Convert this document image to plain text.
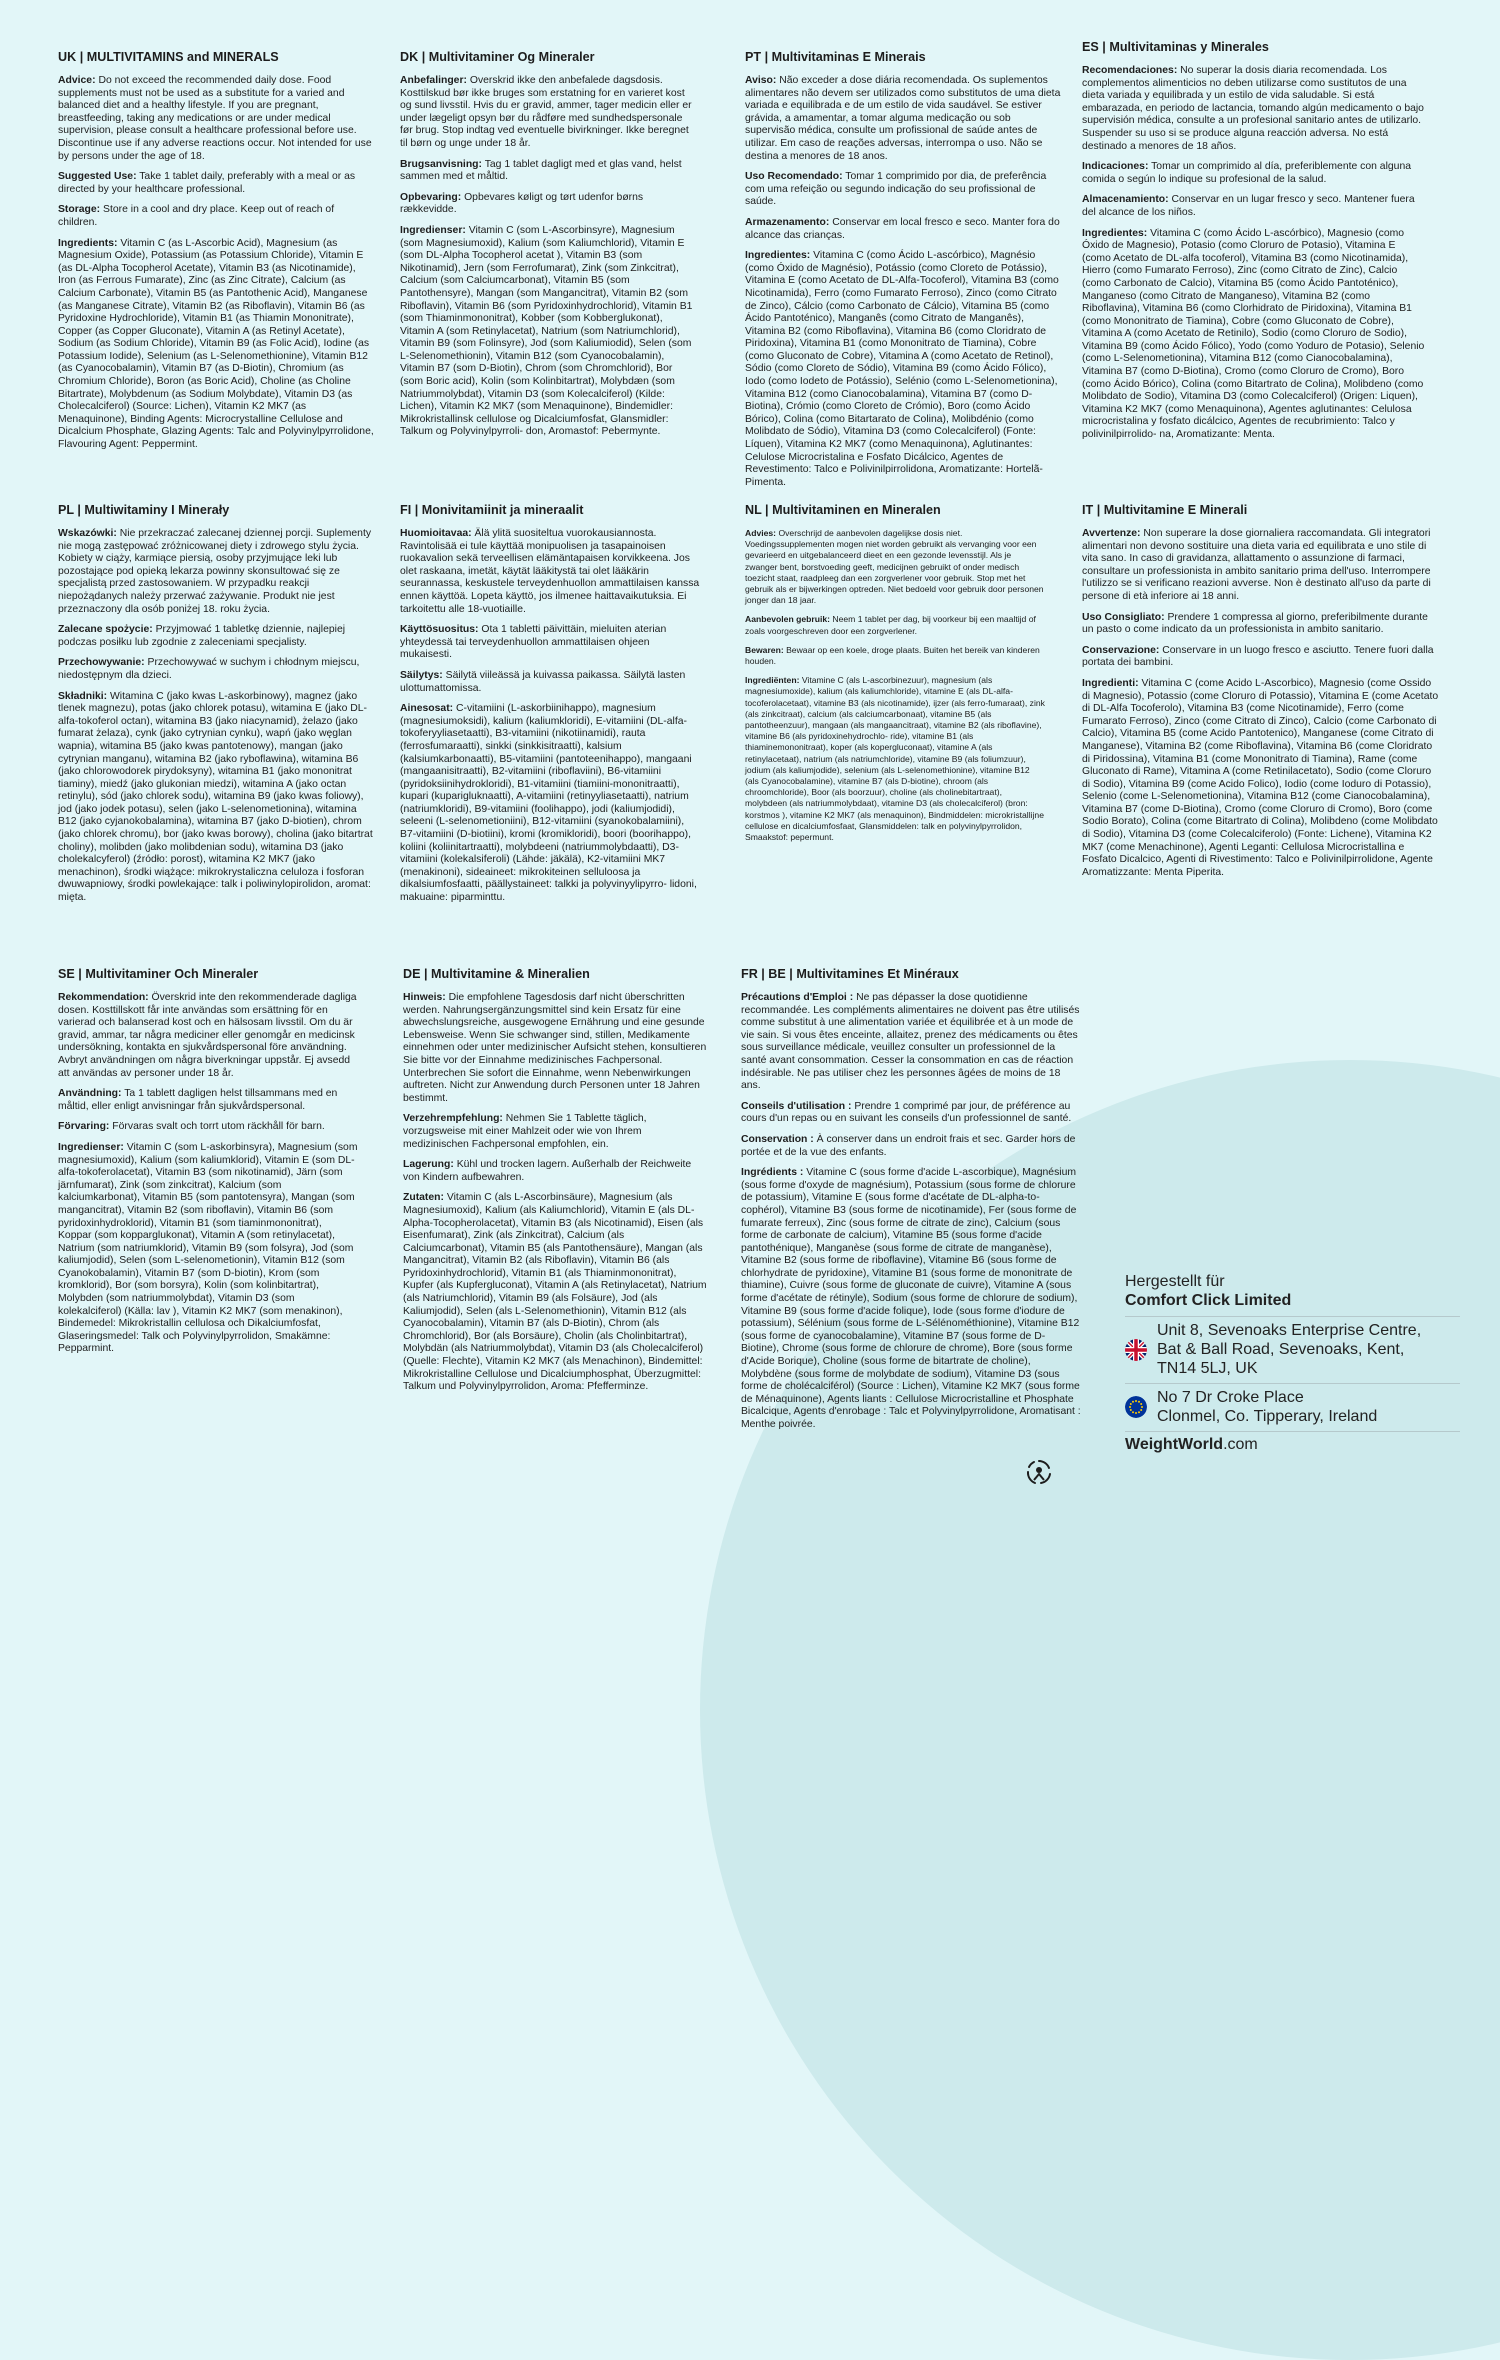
UK | MULTIVITAMINS and MINERALS

Advice: Do not exceed the recommended daily dose. Food supplements must not be used as a substitute for a varied and balanced diet and a healthy lifestyle. If you are pregnant, breastfeeding, taking any medications or are under medical supervision, please consult a healthcare professional before use. Discontinue use if any adverse reactions occur. Not intended for use by persons under the age of 18.

Suggested Use: Take 1 tablet daily, preferably with a meal or as directed by your healthcare professional.

Storage: Store in a cool and dry place. Keep out of reach of children.

Ingredients: Vitamin C (as L-Ascorbic Acid), Magnesium (as Magnesium Oxide), Potassium (as Potassium Chloride), Vitamin E (as DL-Alpha Tocopherol Acetate), Vitamin B3 (as Nicotinamide), Iron (as Ferrous Fumarate), Zinc (as Zinc Citrate), Calcium (as Calcium Carbonate), Vitamin B5 (as Pantothenic Acid), Manganese (as Manganese Citrate), Vitamin B2 (as Riboflavin), Vitamin B6 (as Pyridoxine Hydrochloride), Vitamin B1 (as Thiamin Mononitrate), Copper (as Copper Gluconate), Vitamin A (as Retinyl Acetate), Sodium (as Sodium Chloride), Vitamin B9 (as Folic Acid), Iodine (as Potassium Iodide), Selenium (as L-Selenomethionine), Vitamin B12 (as Cyanocobalamin), Vitamin B7 (as D-Biotin), Chromium (as Chromium Chloride), Boron (as Boric Acid), Choline (as Choline Bitartrate), Molybdenum (as Sodium Molybdate), Vitamin D3 (as Cholecalciferol) (Source: Lichen), Vitamin K2 MK7 (as Menaquinone), Binding Agents: Microcrystalline Cellulose and Dicalcium Phosphate, Glazing Agents: Talc and Polyvinylpyrrolidone, Flavouring Agent: Peppermint.

DK | Multivitaminer Og Mineraler

Anbefalinger: Overskrid ikke den anbefalede dagsdosis. Kosttilskud bør ikke bruges som erstatning for en varieret kost og sund livsstil. Hvis du er gravid, ammer, tager medicin eller er under lægeligt opsyn bør du rådføre med sundhedspersonale før brug. Stop indtag ved eventuelle bivirkninger. Ikke beregnet til børn og unge under 18 år.

Brugsanvisning: Tag 1 tablet dagligt med et glas vand, helst sammen med et måltid.

Opbevaring: Opbevares køligt og tørt udenfor børns rækkevidde.

Ingredienser: Vitamin C (som L-Ascorbinsyre), Magnesium (som Magnesiumoxid), Kalium (som Kaliumchlorid), Vitamin E (som DL-Alpha Tocopherol acetat ), Vitamin B3 (som Nikotinamid), Jern (som Ferrofumarat), Zink (som Zinkcitrat), Calcium (som Calciumcarbonat), Vitamin B5 (som Pantothensyre), Mangan (som Mangancitrat), Vitamin B2 (som Riboflavin), Vitamin B6 (som Pyridoxinhydrochlorid), Vitamin B1 (som Thiaminmononitrat), Kobber (som Kobberglukonat), Vitamin A (som Retinylacetat), Natrium (som Natriumchlorid), Vitamin B9 (som Folinsyre), Jod (som Kaliumiodid), Selen (som L-Selenomethionin), Vitamin B12 (som Cyanocobalamin), Vitamin B7 (som D-Biotin), Chrom (som Chromchlorid), Bor (som Boric acid), Kolin (som Kolinbitartrat), Molybdæn (som Natriummolybdat), Vitamin D3 (som Kolecalciferol) (Kilde: Lichen), Vitamin K2 MK7 (som Menaquinone), Bindemidler: Mikrokristallinsk cellulose og Dicalciumfosfat, Glansmidler: Talkum og Polyvinylpyrroli- don, Aromastof: Pebermynte.

PT | Multivitaminas E Minerais

Aviso: Não exceder a dose diária recomendada. Os suplementos alimentares não devem ser utilizados como substitutos de uma dieta variada e equilibrada e de um estilo de vida saudável. Se estiver grávida, a amamentar, a tomar alguma medicação ou sob supervisão médica, consulte um profissional de saúde antes de utilizar. Em caso de reações adversas, interrompa o uso. Não se destina a menores de 18 anos.

Uso Recomendado: Tomar 1 comprimido por dia, de preferência com uma refeição ou segundo indicação do seu profissional de saúde.

Armazenamento: Conservar em local fresco e seco. Manter fora do alcance das crianças.

Ingredientes: Vitamina C (como Ácido L-ascórbico), Magnésio (como Óxido de Magnésio), Potássio (como Cloreto de Potássio), Vitamina E (como Acetato de DL-Alfa-Tocoferol), Vitamina B3 (como Nicotinamida), Ferro (como Fumarato Ferroso), Zinco (como Citrato de Zinco), Cálcio (como Carbonato de Cálcio), Vitamina B5 (como Ácido Pantoténico), Manganês (como Citrato de Manganês), Vitamina B2 (como Riboflavina), Vitamina B6 (como Cloridrato de Piridoxina), Vitamina B1 (como Mononitrato de Tiamina), Cobre (como Gluconato de Cobre), Vitamina A (como Acetato de Retinol), Sódio (como Cloreto de Sódio), Vitamina B9 (como Ácido Fólico), Iodo (como Iodeto de Potássio), Selénio (como L-Selenometionina), Vitamina B12 (como Cianocobalamina), Vitamina B7 (como D-Biotina), Crómio (como Cloreto de Crómio), Boro (como Ácido Bórico), Colina (como Bitartarato de Colina), Molibdénio (como Molibdato de Sódio), Vitamina D3 (como Colecalciferol) (Fonte: Líquen), Vitamina K2 MK7 (como Menaquinona), Aglutinantes: Celulose Microcristalina e Fosfato Dicálcico, Agentes de Revestimento: Talco e Polivinilpirrolidona, Aromatizante: Hortelã-Pimenta.

ES | Multivitaminas y Minerales

Recomendaciones: No superar la dosis diaria recomendada. Los complementos alimenticios no deben utilizarse como sustitutos de una dieta variada y equilibrada y un estilo de vida saludable. Si está embarazada, en periodo de lactancia, tomando algún medicamento o bajo supervisión médica, consulte a un profesional sanitario antes de utilizarlo. Suspender su uso si se produce alguna reacción adversa. No está destinado a menores de 18 años.

Indicaciones: Tomar un comprimido al día, preferiblemente con alguna comida o según lo indique su profesional de la salud.

Almacenamiento: Conservar en un lugar fresco y seco. Mantener fuera del alcance de los niños.

Ingredientes: Vitamina C (como Ácido L-ascórbico), Magnesio (como Óxido de Magnesio), Potasio (como Cloruro de Potasio), Vitamina E (como Acetato de DL-alfa tocoferol), Vitamina B3 (como Nicotinamida), Hierro (como Fumarato Ferroso), Zinc (como Citrato de Zinc), Calcio (como Carbonato de Calcio), Vitamina B5 (como Ácido Pantoténico), Manganeso (como Citrato de Manganeso), Vitamina B2 (como Riboflavina), Vitamina B6 (como Clorhidrato de Piridoxina), Vitamina B1 (como Mononitrato de Tiamina), Cobre (como Gluconato de Cobre), Vitamina A (como Acetato de Retinilo), Sodio (como Cloruro de Sodio), Vitamina B9 (como Ácido Fólico), Yodo (como Yoduro de Potasio), Selenio (como L-Selenometionina), Vitamina B12 (como Cianocobalamina), Vitamina B7 (como D-Biotina), Cromo (como Cloruro de Cromo), Boro (como Ácido Bórico), Colina (como Bitartrato de Colina), Molibdeno (como Molibdato de Sodio), Vitamina D3 (como Colecalciferol) (Origen: Liquen), Vitamina K2 MK7 (como Menaquinona), Agentes aglutinantes: Celulosa microcristalina y fosfato dicálcico, Agentes de recubrimiento: Talco y polivinilpirrolido- na, Aromatizante: Menta.

PL | Multiwitaminy I Minerały

Wskazówki: Nie przekraczać zalecanej dziennej porcji. Suplementy nie mogą zastępować zróżnicowanej diety i zdrowego stylu życia. Kobiety w ciąży, karmiące piersią, osoby przyjmujące leki lub pozostające pod opieką lekarza powinny skonsultować się ze specjalistą przed zastosowaniem. W przypadku reakcji niepożądanych należy przerwać zażywanie. Produkt nie jest przeznaczony dla osób poniżej 18. roku życia.

Zalecane spożycie: Przyjmować 1 tabletkę dziennie, najlepiej podczas posiłku lub zgodnie z zaleceniami specjalisty.

Przechowywanie: Przechowywać w suchym i chłodnym miejscu, niedostępnym dla dzieci.

Składniki: Witamina C (jako kwas L-askorbinowy), magnez (jako tlenek magnezu), potas (jako chlorek potasu), witamina E (jako DL-alfa-tokoferol octan), witamina B3 (jako niacynamid), żelazo (jako fumarat żelaza), cynk (jako cytrynian cynku), wapń (jako węglan wapnia), witamina B5 (jako kwas pantotenowy), mangan (jako cytrynian manganu), witamina B2 (jako ryboflawina), witamina B6 (jako chlorowodorek pirydoksyny), witamina B1 (jako mononitrat tiaminy), miedź (jako glukonian miedzi), witamina A (jako octan retinylu), sód (jako chlorek sodu), witamina B9 (jako kwas foliowy), jod (jako jodek potasu), selen (jako L-selenometionina), witamina B12 (jako cyjanokobalamina), witamina B7 (jako D-biotien), chrom (jako chlorek chromu), bor (jako kwas borowy), cholina (jako bitartrat choliny), molibden (jako molibdenian sodu), witamina D3 (jako cholekalcyferol) (źródło: porost), witamina K2 MK7 (jako menachinon), środki wiążące: mikrokrystaliczna celuloza i fosforan dwuwapniowy, środki powlekające: talk i poliwinylopirolidon, aromat: mięta.

FI | Monivitamiinit ja mineraalit

Huomioitavaa: Älä ylitä suositeltua vuorokausiannosta. Ravintolisää ei tule käyttää monipuolisen ja tasapainoisen ruokavalion sekä terveellisen elämäntapaisen korvikkeena. Jos olet raskaana, imetät, käytät lääkitystä tai olet lääkärin seurannassa, keskustele terveydenhuollon ammattilaisen kanssa ennen käyttöä. Lopeta käyttö, jos ilmenee haittavaikutuksia. Ei tarkoitettu alle 18-vuotiaille.

Käyttösuositus: Ota 1 tabletti päivittäin, mieluiten aterian yhteydessä tai terveydenhuollon ammattilaisen ohjeen mukaisesti.

Säilytys: Säilytä viileässä ja kuivassa paikassa. Säilytä lasten ulottumattomissa.

Ainesosat: C-vitamiini (L-askorbiinihappo), magnesium (magnesiumoksidi), kalium (kaliumkloridi), E-vitamiini (DL-alfa-tokoferyyliasetaatti), B3-vitamiini (nikotiinamidi), rauta (ferrosfumaraatti), sinkki (sinkkisitraatti), kalsium (kalsiumkarbonaatti), B5-vitamiini (pantoteenihappo), mangaani (mangaanisitraatti), B2-vitamiini (riboflaviini), B6-vitamiini (pyridoksiinihydrokloridi), B1-vitamiini (tiamiini-mononitraatti), kupari (kuparigluknaatti), A-vitamiini (retinyyliasetaatti), natrium (natriumkloridi), B9-vitamiini (foolihappo), jodi (kaliumjodidi), seleeni (L-selenometioniini), B12-vitamiini (syanokobalamiini), B7-vitamiini (D-biotiini), kromi (kromikloridi), boori (boorihappo), koliini (koliinitartraatti), molybdeeni (natriummolybdaatti), D3-vitamiini (kolekalsiferoli) (Lähde: jäkälä), K2-vitamiini MK7 (menakinoni), sideaineet: mikrokiteinen selluloosa ja dikalsiumfosfaatti, päällystaineet: talkki ja polyvinyylipyrro- lidoni, makuaine: piparminttu.

NL | Multivitaminen en Mineralen

Advies: Overschrijd de aanbevolen dagelijkse dosis niet. Voedingssupplementen mogen niet worden gebruikt als vervanging voor een gevarieerd en uitgebalanceerd dieet en een gezonde levensstijl. Als je zwanger bent, borstvoeding geeft, medicijnen gebruikt of onder medisch toezicht staat, raadpleeg dan een zorgverlener voor gebruik. Stop met het gebruik als er bijwerkingen optreden. Niet bedoeld voor gebruik door personen jonger dan 18 jaar.

Aanbevolen gebruik: Neem 1 tablet per dag, bij voorkeur bij een maaltijd of zoals voorgeschreven door een zorgverlener.

Bewaren: Bewaar op een koele, droge plaats. Buiten het bereik van kinderen houden.

Ingrediënten: Vitamine C (als L-ascorbinezuur), magnesium (als magnesiumoxide), kalium (als kaliumchloride), vitamine E (als DL-alfa-tocoferolacetaat), vitamine B3 (als nicotinamide), ijzer (als ferro-fumaraat), zink (als zinkcitraat), calcium (als calciumcarbonaat), vitamine B5 (als pantotheenzuur), mangaan (als mangaancitraat), vitamine B2 (als riboflavine), vitamine B6 (als pyridoxinehydrochlo- ride), vitamine B1 (als thiaminemononitraat), koper (als kopergluconaat), vitamine A (als retinylacetaat), natrium (als natriumchloride), vitamine B9 (als foliumzuur), jodium (als kaliumjodide), selenium (als L-selenomethionine), vitamine B12 (als Cyanocobalamine), vitamine B7 (als D-biotine), chroom (als chroomchloride), Boor (als boorzuur), choline (als cholinebitartraat), molybdeen (als natriummolybdaat), vitamine D3 (als cholecalciferol) (bron: korstmos ), vitamine K2 MK7 (als menaquinon), Bindmiddelen: microkristallijne cellulose en dicalciumfosfaat, Glansmiddelen: talk en polyvinylpyrrolidon, Smaakstof: pepermunt.

IT | Multivitamine E Minerali

Avvertenze: Non superare la dose giornaliera raccomandata. Gli integratori alimentari non devono sostituire una dieta varia ed equilibrata e uno stile di vita sano. In caso di gravidanza, allattamento o assunzione di farmaci, consultare un professionista in ambito sanitario prima dell'uso. Interrompere l'utilizzo se si verificano reazioni avverse. Non è destinato all'uso da parte di persone di età inferiore ai 18 anni.

Uso Consigliato: Prendere 1 compressa al giorno, preferibilmente durante un pasto o come indicato da un professionista in ambito sanitario.

Conservazione: Conservare in un luogo fresco e asciutto. Tenere fuori dalla portata dei bambini.

Ingredienti: Vitamina C (come Acido L-Ascorbico), Magnesio (come Ossido di Magnesio), Potassio (come Cloruro di Potassio), Vitamina E (come Acetato di DL-Alfa Tocoferolo), Vitamina B3 (come Nicotinamide), Ferro (come Fumarato Ferroso), Zinco (come Citrato di Zinco), Calcio (come Carbonato di Calcio), Vitamina B5 (come Acido Pantotenico), Manganese (come Citrato di Manganese), Vitamina B2 (come Riboflavina), Vitamina B6 (come Cloridrato di Piridossina), Vitamina B1 (come Mononitrato di Tiamina), Rame (come Gluconato di Rame), Vitamina A (come Retinilacetato), Sodio (come Cloruro di Sodio), Vitamina B9 (come Acido Folico), Iodio (come Ioduro di Potassio), Selenio (come L-Selenometionina), Vitamina B12 (come Cianocobalamina), Vitamina B7 (come D-Biotina), Cromo (come Cloruro di Cromo), Boro (come Sodio Borato), Colina (come Bitartrato di Colina), Molibdeno (come Molibdato di Sodio), Vitamina D3 (come Colecalciferolo) (Fonte: Lichene), Vitamina K2 MK7 (come Menachinone), Agenti Leganti: Cellulosa Microcristallina e Fosfato Dicalcico, Agenti di Rivestimento: Talco e Polivinilpirrolidone, Agente Aromatizzante: Menta Piperita.

SE | Multivitaminer Och Mineraler

Rekommendation: Överskrid inte den rekommenderade dagliga dosen. Kosttillskott får inte användas som ersättning för en varierad och balanserad kost och en hälsosam livsstil. Om du är gravid, ammar, tar några mediciner eller genomgår en medicinsk undersökning, kontakta en sjukvårdspersonal före användning. Avbryt användningen om några biverkningar uppstår. Ej avsedd att användas av personer under 18 år.

Användning: Ta 1 tablett dagligen helst tillsammans med en måltid, eller enligt anvisningar från sjukvårdspersonal.

Förvaring: Förvaras svalt och torrt utom räckhåll för barn.

Ingredienser: Vitamin C (som L-askorbinsyra), Magnesium (som magnesiumoxid), Kalium (som kaliumklorid), Vitamin E (som DL-alfa-tokoferolacetat), Vitamin B3 (som nikotinamid), Järn (som järnfumarat), Zink (som zinkcitrat), Kalcium (som kalciumkarbonat), Vitamin B5 (som pantotensyra), Mangan (som mangancitrat), Vitamin B2 (som riboflavin), Vitamin B6 (som pyridoxinhydroklorid), Vitamin B1 (som tiaminmononitrat), Koppar (som kopparglukonat), Vitamin A (som retinylacetat), Natrium (som natriumklorid), Vitamin B9 (som folsyra), Jod (som kaliumjodid), Selen (som L-selenometionin), Vitamin B12 (som Cyanokobalamin), Vitamin B7 (som D-biotin), Krom (som kromklorid), Bor (som borsyra), Kolin (som kolinbitartrat), Molybden (som natriummolybdat), Vitamin D3 (som kolekalciferol) (Källa: lav ), Vitamin K2 MK7 (som menakinon), Bindemedel: Mikrokristallin cellulosa och Dikalciumfosfat, Glaseringsmedel: Talk och Polyvinylpyrrolidon, Smakämne: Pepparmint.

DE | Multivitamine & Mineralien

Hinweis: Die empfohlene Tagesdosis darf nicht überschritten werden. Nahrungsergänzungsmittel sind kein Ersatz für eine abwechslungsreiche, ausgewogene Ernährung und eine gesunde Lebensweise. Wenn Sie schwanger sind, stillen, Medikamente einnehmen oder unter medizinischer Aufsicht stehen, konsultieren Sie bitte vor der Einnahme medizinisches Fachpersonal. Unterbrechen Sie sofort die Einnahme, wenn Nebenwirkungen auftreten. Nicht zur Anwendung durch Personen unter 18 Jahren bestimmt.

Verzehrempfehlung: Nehmen Sie 1 Tablette täglich, vorzugsweise mit einer Mahlzeit oder wie von Ihrem medizinischen Fachpersonal empfohlen, ein.

Lagerung: Kühl und trocken lagern. Außerhalb der Reichweite von Kindern aufbewahren.

Zutaten: Vitamin C (als L-Ascorbinsäure), Magnesium (als Magnesiumoxid), Kalium (als Kaliumchlorid), Vitamin E (als DL-Alpha-Tocopherolacetat), Vitamin B3 (als Nicotinamid), Eisen (als Eisenfumarat), Zink (als Zinkcitrat), Calcium (als Calciumcarbonat), Vitamin B5 (als Pantothensäure), Mangan (als Mangancitrat), Vitamin B2 (als Riboflavin), Vitamin B6 (als Pyridoxinhydrochlorid), Vitamin B1 (als Thiaminmononitrat), Kupfer (als Kupfergluconat), Vitamin A (als Retinylacetat), Natrium (als Natriumchlorid), Vitamin B9 (als Folsäure), Jod (als Kaliumjodid), Selen (als L-Selenomethionin), Vitamin B12 (als Cyanocobalamin), Vitamin B7 (als D-Biotin), Chrom (als Chromchlorid), Bor (als Borsäure), Cholin (als Cholinbitartrat), Molybdän (als Natriummolybdat), Vitamin D3 (als Cholecalciferol) (Quelle: Flechte), Vitamin K2 MK7 (als Menachinon), Bindemittel: Mikrokristalline Cellulose und Dicalciumphosphat, Überzugmittel: Talkum und Polyvinylpyrrolidon, Aroma: Pfefferminze.

FR | BE | Multivitamines Et Minéraux

Précautions d'Emploi : Ne pas dépasser la dose quotidienne recommandée. Les compléments alimentaires ne doivent pas être utilisés comme substitut à une alimentation variée et équilibrée et à un mode de vie sain. Si vous êtes enceinte, allaitez, prenez des médicaments ou êtes sous surveillance médicale, veuillez consulter un professionnel de la santé avant consommation. Cesser la consommation en cas de réaction indésirable. Ne pas utiliser chez les personnes âgées de moins de 18 ans.

Conseils d'utilisation : Prendre 1 comprimé par jour, de préférence au cours d'un repas ou en suivant les conseils d'un professionnel de santé.

Conservation : À conserver dans un endroit frais et sec. Garder hors de portée et de la vue des enfants.

Ingrédients : Vitamine C (sous forme d'acide L-ascorbique), Magnésium (sous forme d'oxyde de magnésium), Potassium (sous forme de chlorure de potassium), Vitamine E (sous forme d'acétate de DL-alpha-to- cophérol), Vitamine B3 (sous forme de nicotinamide), Fer (sous forme de fumarate ferreux), Zinc (sous forme de citrate de zinc), Calcium (sous forme de carbonate de calcium), Vitamine B5 (sous forme d'acide pantothénique), Manganèse (sous forme de citrate de manganèse), Vitamine B2 (sous forme de riboflavine), Vitamine B6 (sous forme de chlorhydrate de pyridoxine), Vitamine B1 (sous forme de mononitrate de thiamine), Cuivre (sous forme de gluconate de cuivre), Vitamine A (sous forme d'acétate de rétinyle), Sodium (sous forme de chlorure de sodium), Vitamine B9 (sous forme d'acide folique), Iode (sous forme d'iodure de potassium), Sélénium (sous forme de L-Sélénométhionine), Vitamine B12 (sous forme de cyanocobalamine), Vitamine B7 (sous forme de D-Biotine), Chrome (sous forme de chlorure de chrome), Bore (sous forme d'Acide Borique), Choline (sous forme de bitartrate de choline), Molybdène (sous forme de molybdate de sodium), Vitamine D3 (sous forme de cholécalciférol) (Source : Lichen), Vitamine K2 MK7 (sous forme de Ménaquinone), Agents liants : Cellulose Microcristalline et Phosphate Bicalcique, Agents d'enrobage : Talc et Polyvinylpyrrolidone, Aromatisant : Menthe poivrée.

Hergestellt für
Comfort Click Limited
Unit 8, Sevenoaks Enterprise Centre,
Bat & Ball Road, Sevenoaks, Kent,
TN14 5LJ, UK
No 7 Dr Croke Place
Clonmel, Co. Tipperary, Ireland
WeightWorld.com
